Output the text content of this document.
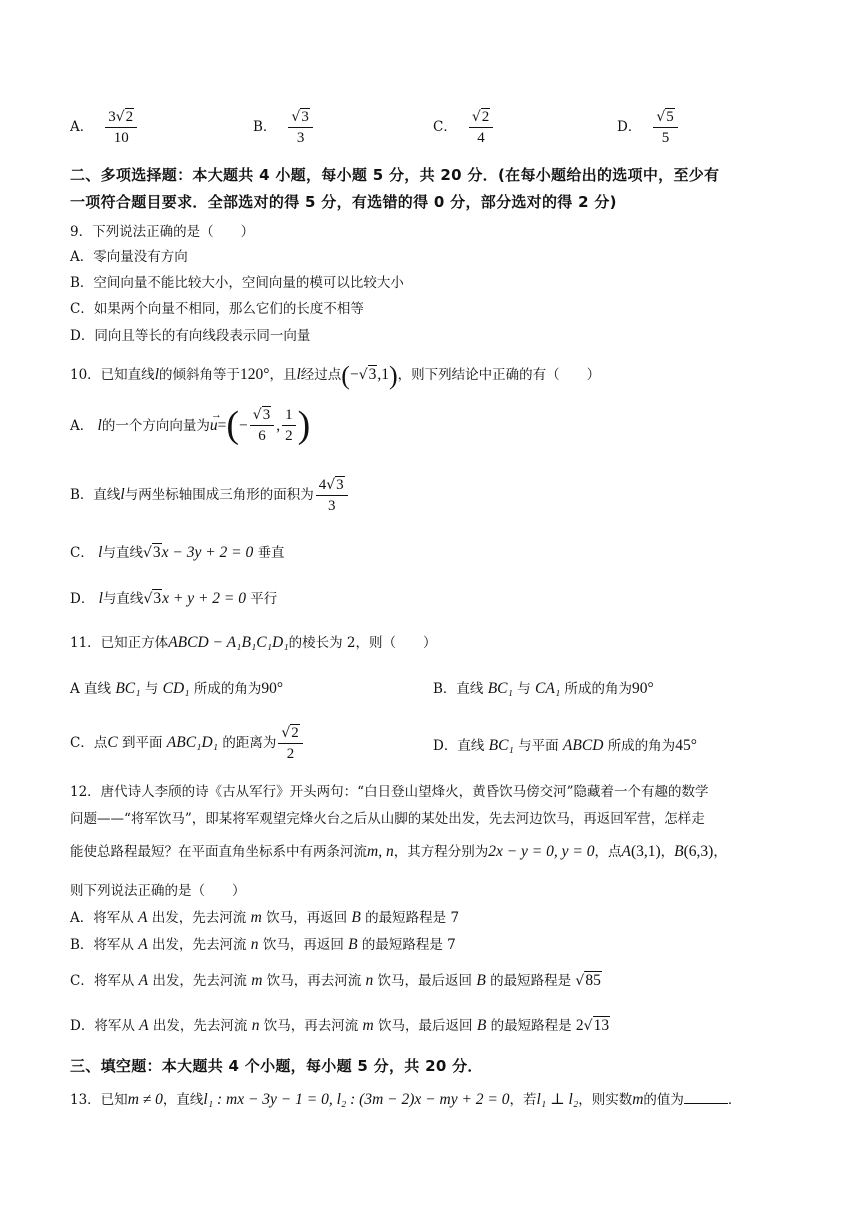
A． $\frac{3√2}{10}$	B． $\frac{√3}{3}$	C． $\frac{√2}{4}$	D． $\frac{√5}{5}$
二、多项选择题：本大题共 4 小题，每小题 5 分，共 20 分．(在每小题给出的选项中，至少有
一项符合题目要求．全部选对的得 5 分，有选错的得 0 分，部分选对的得 2 分)
9．下列说法正确的是（　　）
A．零向量没有方向
B．空间向量不能比较大小，空间向量的模可以比较大小
C．如果两个向量不相同，那么它们的长度不相等
D．同向且等长的有向线段表示同一向量
10．已知直线l的倾斜角等于120°，且l经过点(−√3,1)，则下列结论中正确的有（　　）
A．
l 的一个方向向量为
→
u = ( − $\frac{√3}{6}$ , $\frac{1}{2}$ )
B．直线 l 与两坐标轴围成三角形的面积为 $\frac{4√3}{3}$
C． l与直线√3x − 3y + 2 = 0 垂直
D． l与直线√3x + y + 2 = 0 平行
11．已知正方体ABCD − A₁B₁C₁D₁的棱长为 2，则（　　）
A 直线 BC₁ 与 CD₁ 所成的角为90°	B．直线 BC₁ 与 CA₁ 所成的角为90°
C．点 C
到平面
ABC₁D₁
的距离为 $\frac{√2}{2}$	D．直线 BC₁ 与平面 ABCD 所成的角为45°
12．唐代诗人李颀的诗《古从军行》开头两句：“白日登山望烽火，黄昏饮马傍交河”隐藏着一个有趣的数学
问题——“将军饮马”，即某将军观望完烽火台之后从山脚的某处出发，先去河边饮马，再返回军营，怎样走
能使总路程最短？在平面直角坐标系中有两条河流m, n，其方程分别为2x − y = 0, y = 0，点A(3,1)，B(6,3)，
则下列说法正确的是（　　）
A．将军从 A 出发，先去河流 m 饮马，再返回 B 的最短路程是 7
B．将军从 A 出发，先去河流 n 饮马，再返回 B 的最短路程是 7
C．将军从 A 出发，先去河流 m 饮马，再去河流 n 饮马，最后返回 B 的最短路程是 √85
D．将军从 A 出发，先去河流 n 饮马，再去河流 m 饮马，最后返回 B 的最短路程是 2√13
三、填空题：本大题共 4 个小题，每小题 5 分，共 20 分．
13．已知m ≠ 0，直线l₁ : mx − 3y − 1 = 0, l₂ : (3m − 2)x − my + 2 = 0，若l₁ ⊥ l₂，则实数m的值为	．
